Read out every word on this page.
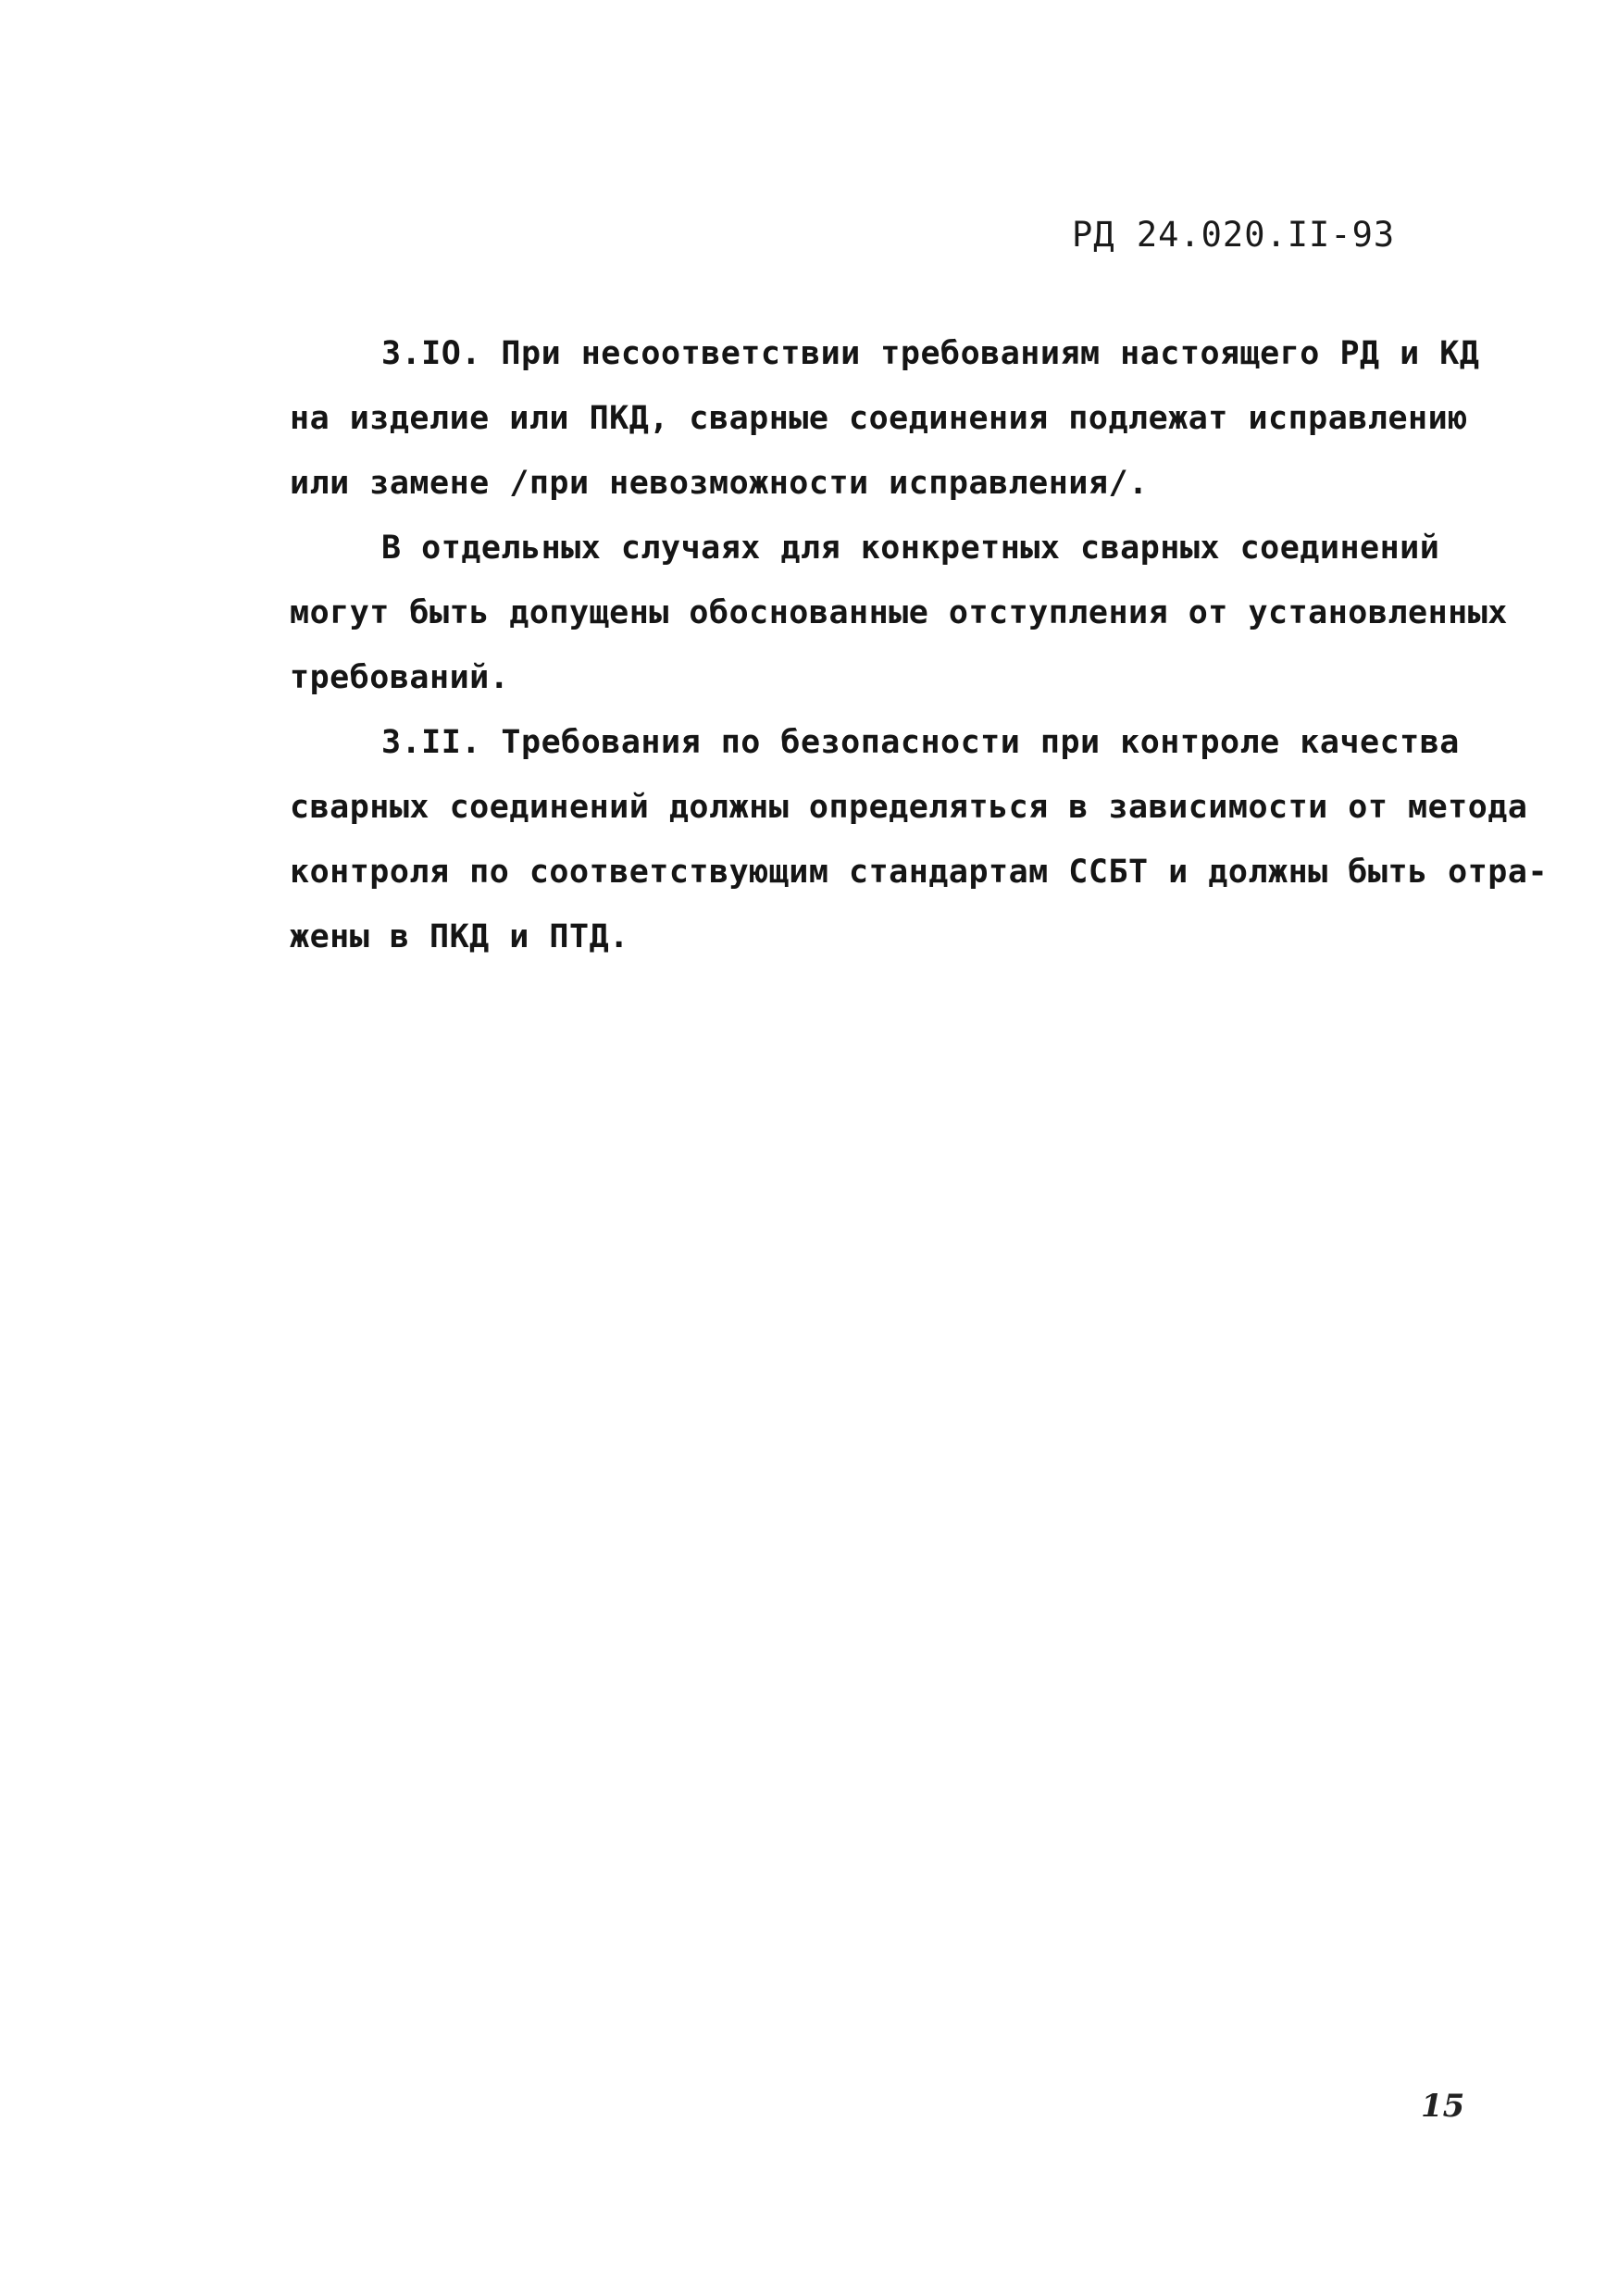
РД 24.020.II-93
3.IO. При несоответствии требованиям настоящего РД и КД
на изделие или ПКД, сварные соединения подлежат исправлению
или замене /при невозможности исправления/.
В отдельных случаях для конкретных сварных соединений
могут быть допущены обоснованные отступления от установленных
требований.
3.II. Требования по безопасности при контроле качества
сварных соединений должны определяться в зависимости от метода
контроля по соответствующим стандартам ССБТ и должны быть отра-
жены в ПКД и ПТД.
15
